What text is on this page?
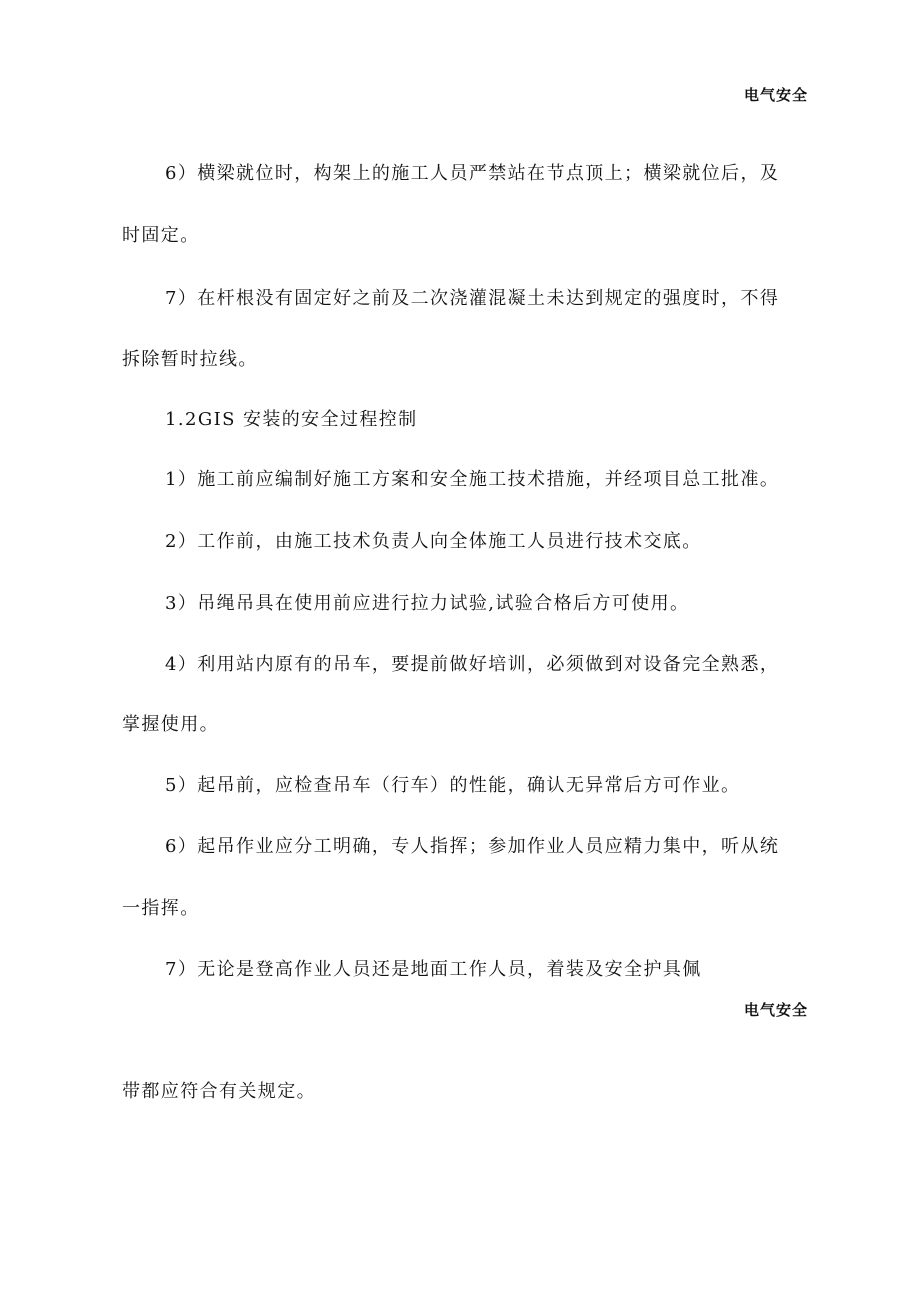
电气安全
6）横梁就位时，构架上的施工人员严禁站在节点顶上；横梁就位后，及
时固定。
7）在杆根没有固定好之前及二次浇灌混凝土未达到规定的强度时，不得
拆除暂时拉线。
1.2GIS 安装的安全过程控制
1）施工前应编制好施工方案和安全施工技术措施，并经项目总工批准。
2）工作前，由施工技术负责人向全体施工人员进行技术交底。
3）吊绳吊具在使用前应进行拉力试验,试验合格后方可使用。
4）利用站内原有的吊车，要提前做好培训，必须做到对设备完全熟悉，
掌握使用。
5）起吊前，应检查吊车（行车）的性能，确认无异常后方可作业。
6）起吊作业应分工明确，专人指挥；参加作业人员应精力集中，听从统
一指挥。
7）无论是登高作业人员还是地面工作人员，着装及安全护具佩
电气安全
带都应符合有关规定。
